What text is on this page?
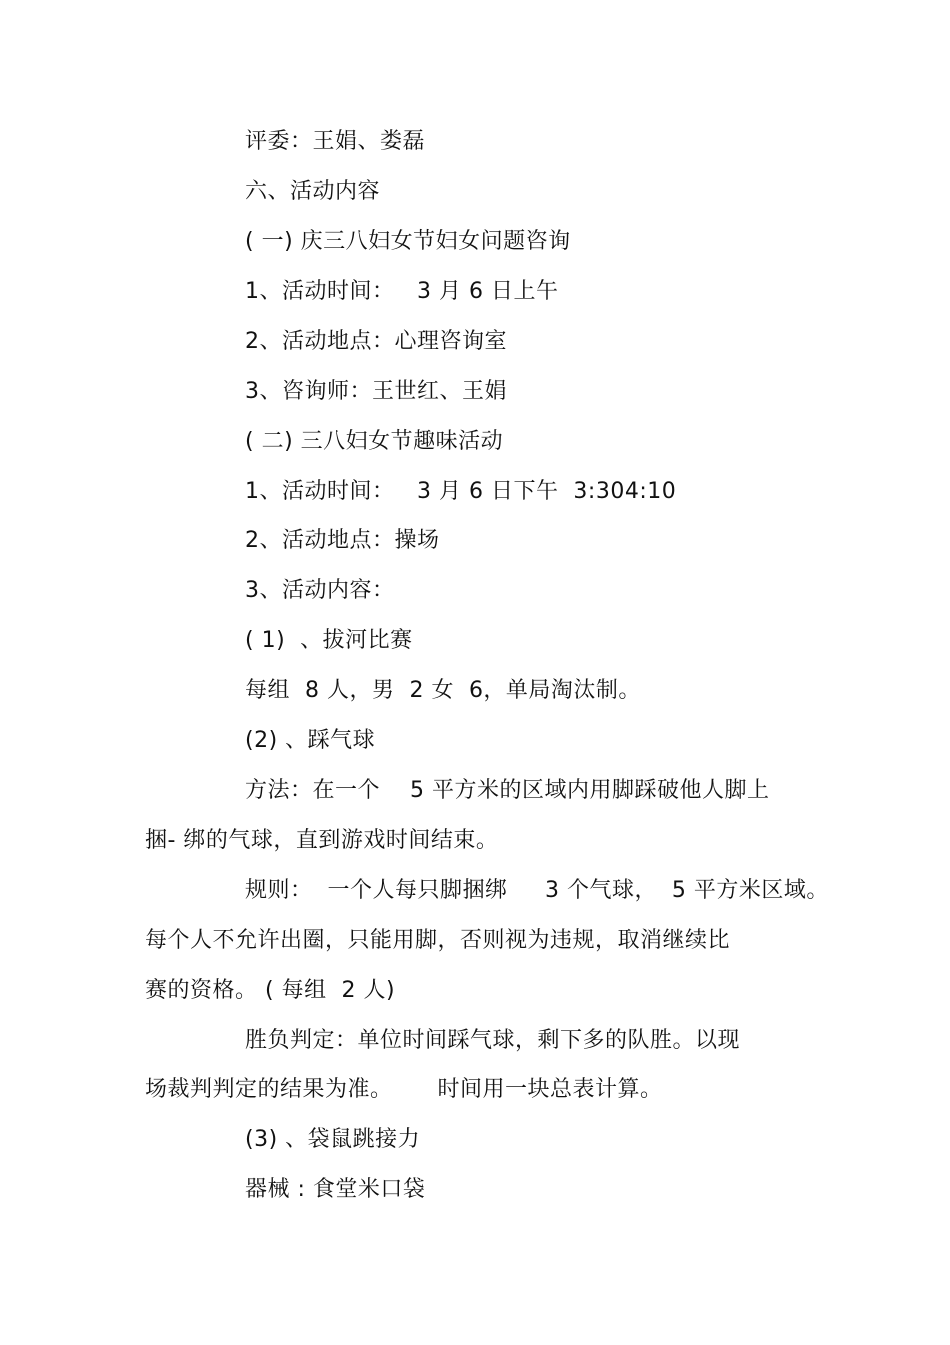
评委：王娟、娄磊
六、活动内容
( 一) 庆三八妇女节妇女问题咨询
1、活动时间：   3 月 6 日上午
2、活动地点：心理咨询室
3、咨询师：王世红、王娟
( 二) 三八妇女节趣味活动
1、活动时间：   3 月 6 日下午  3:304:10
2、活动地点：操场
3、活动内容：
( 1)  、拔河比赛
每组  8 人，男  2 女  6，单局淘汰制。
(2) 、踩气球
方法：在一个    5 平方米的区域内用脚踩破他人脚上
捆- 绑的气球，直到游戏时间结束。
规则：  一个人每只脚捆绑     3 个气球，  5 平方米区域。
每个人不允许出圈，只能用脚，否则视为违规，取消继续比
赛的资格。 ( 每组  2 人)
胜负判定：单位时间踩气球，剩下多的队胜。以现
场裁判判定的结果为准。      时间用一块总表计算。
(3) 、袋鼠跳接力
器械 : 食堂米口袋
